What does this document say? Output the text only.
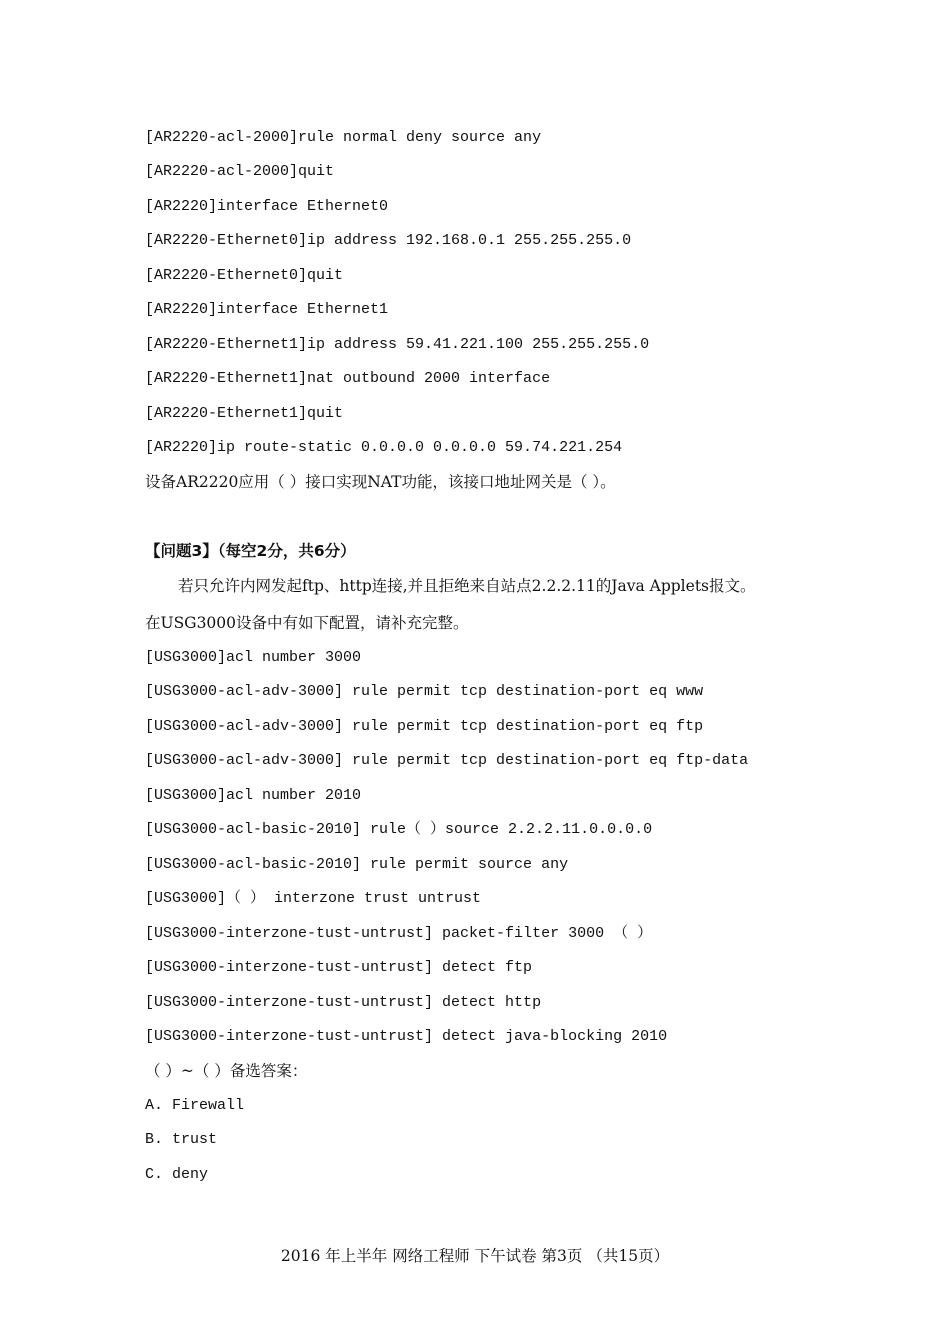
[AR2220-acl-2000]rule normal deny source any
[AR2220-acl-2000]quit
[AR2220]interface Ethernet0
[AR2220-Ethernet0]ip address 192.168.0.1 255.255.255.0
[AR2220-Ethernet0]quit
[AR2220]interface Ethernet1
[AR2220-Ethernet1]ip address 59.41.221.100 255.255.255.0
[AR2220-Ethernet1]nat outbound 2000 interface
[AR2220-Ethernet1]quit
[AR2220]ip route-static 0.0.0.0 0.0.0.0 59.74.221.254
设备AR2220应用（ ）接口实现NAT功能，该接口地址网关是（ ）。
【问题3】（每空2分，共6分）
若只允许内网发起ftp、http连接,并且拒绝来自站点2.2.2.11的Java Applets报文。
在USG3000设备中有如下配置，请补充完整。
[USG3000]acl number 3000
[USG3000-acl-adv-3000] rule permit tcp destination-port eq www
[USG3000-acl-adv-3000] rule permit tcp destination-port eq ftp
[USG3000-acl-adv-3000] rule permit tcp destination-port eq ftp-data
[USG3000]acl number 2010
[USG3000-acl-basic-2010] rule（ ）source 2.2.2.11.0.0.0.0
[USG3000-acl-basic-2010] rule permit source any
[USG3000]（ ） interzone trust untrust
[USG3000-interzone-tust-untrust] packet-filter 3000 （ ）
[USG3000-interzone-tust-untrust] detect ftp
[USG3000-interzone-tust-untrust] detect http
[USG3000-interzone-tust-untrust] detect java-blocking 2010
（ ）~（ ）备选答案：
A. Firewall
B. trust
C. deny
2016 年上半年 网络工程师 下午试卷 第3页 （共15页）
